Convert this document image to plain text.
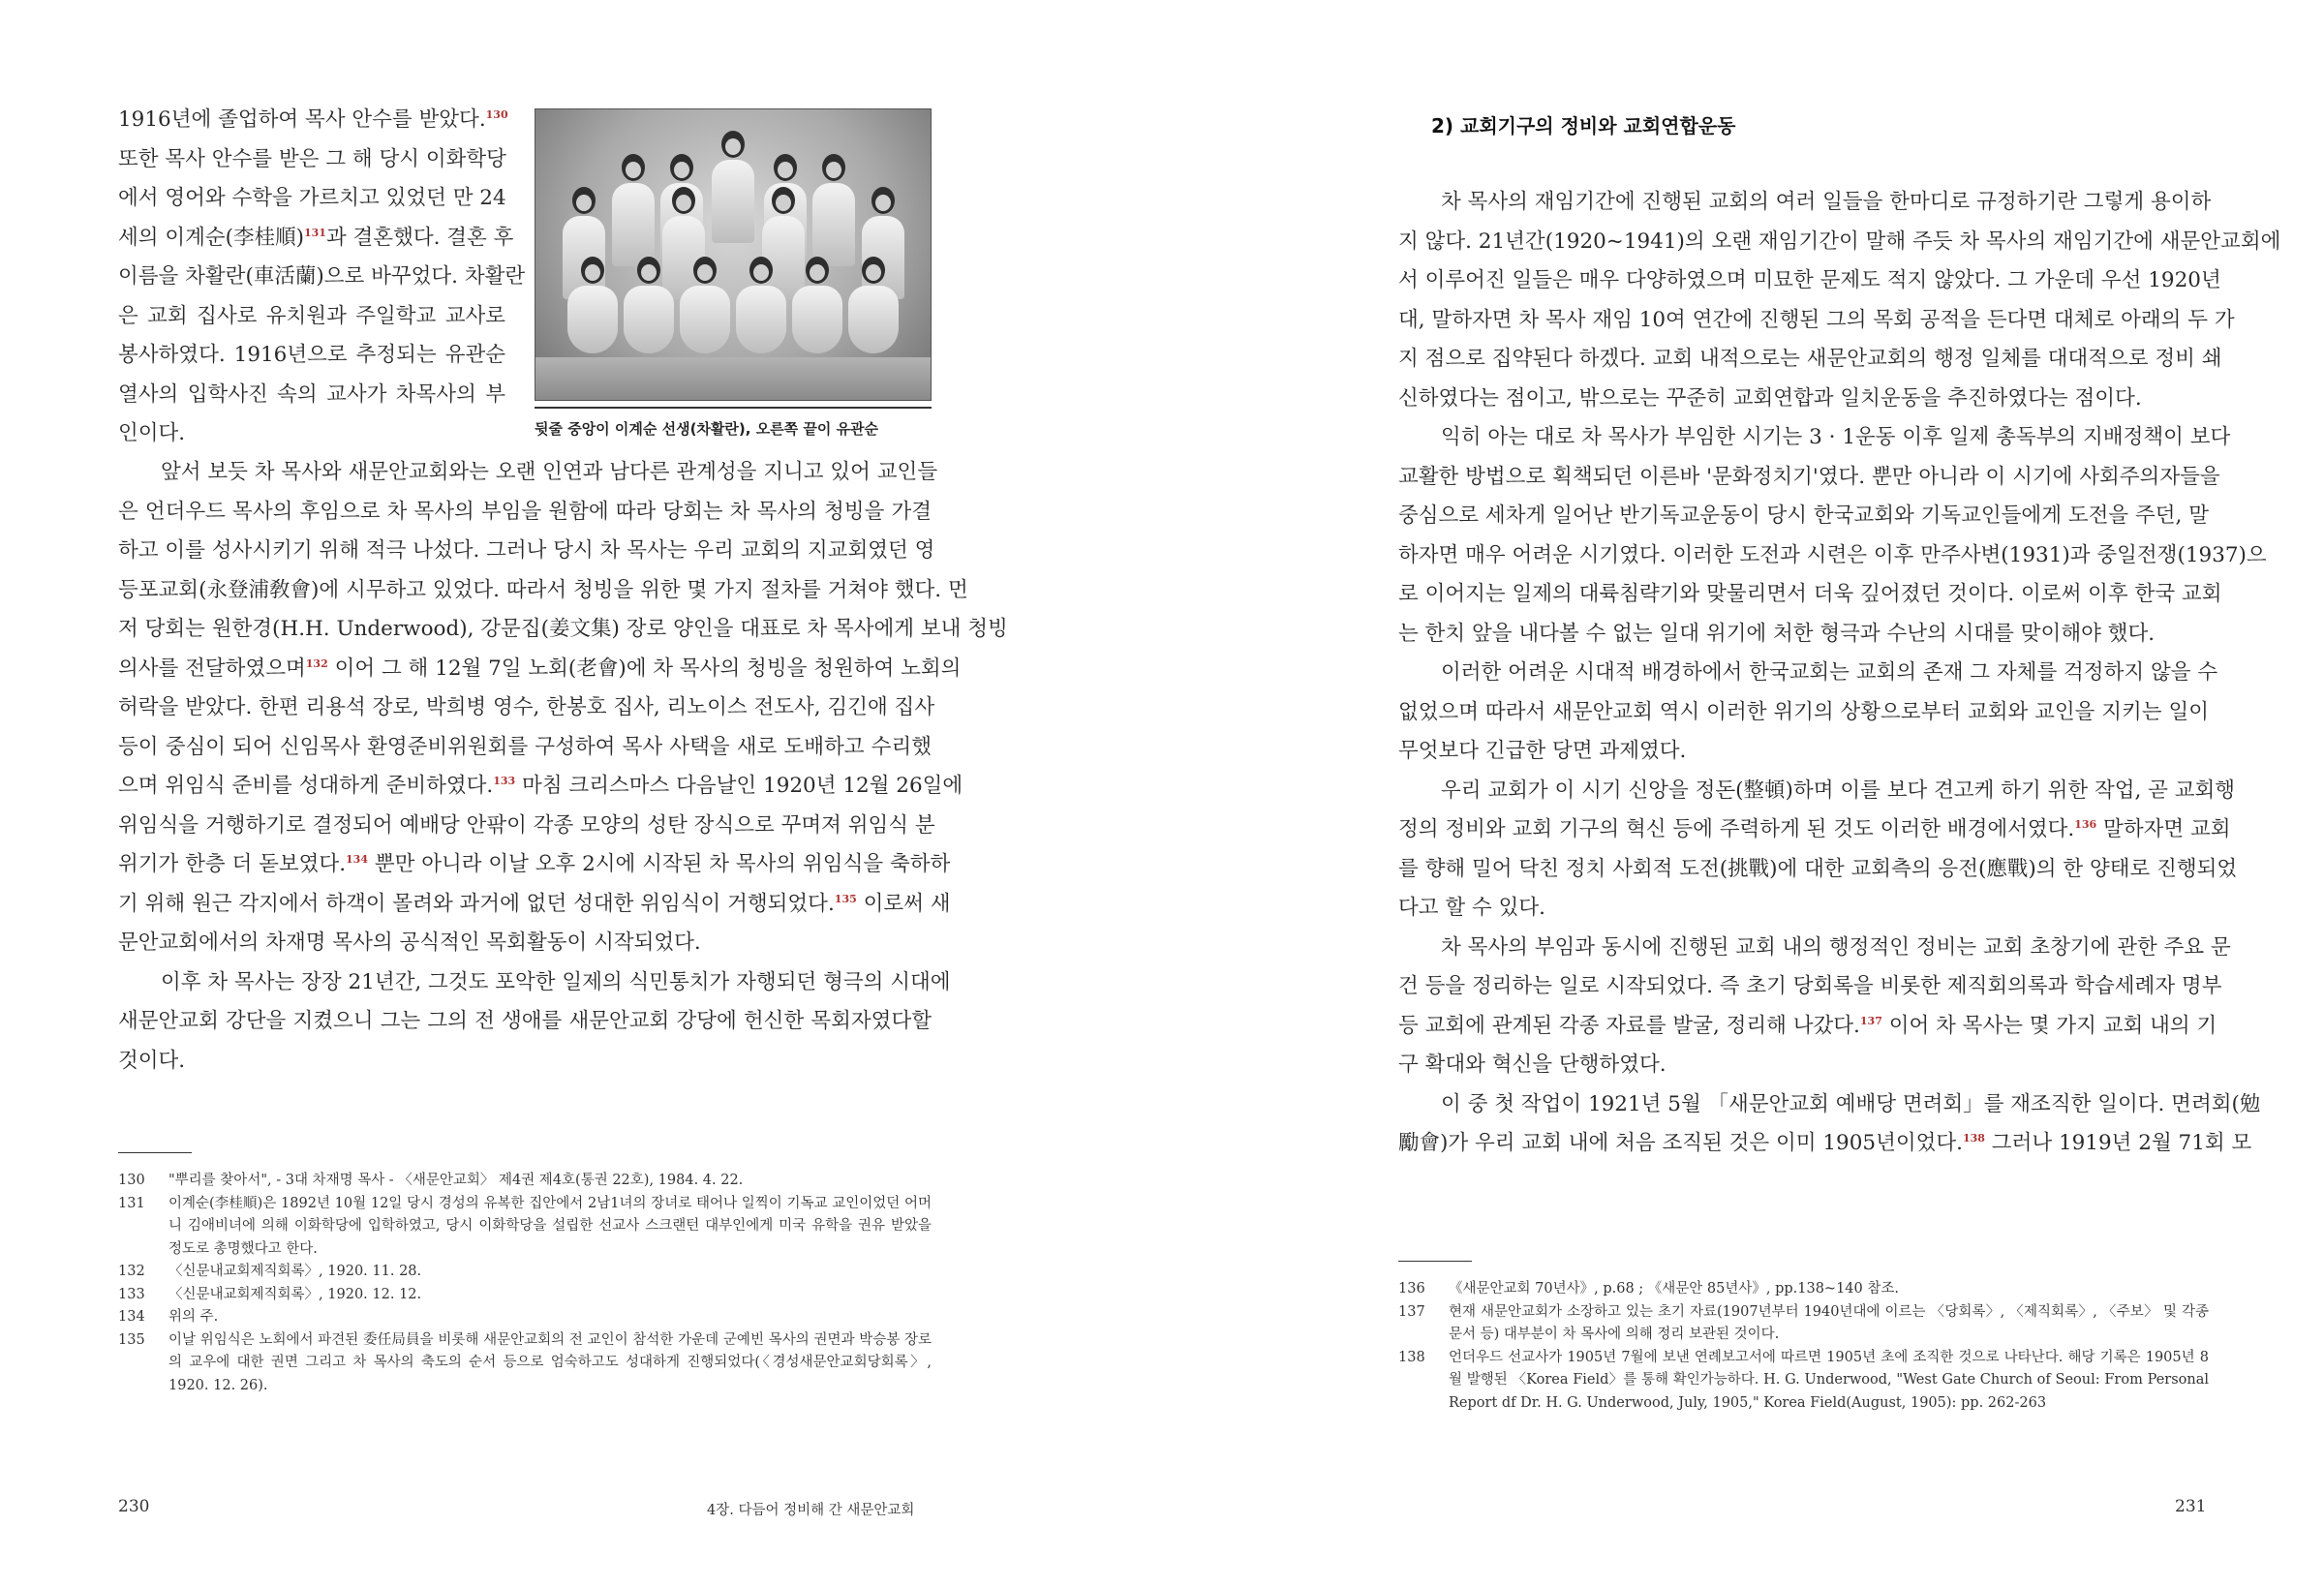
1916년에 졸업하여 목사 안수를 받았다.$^{130}$

또한 목사 안수를 받은 그 해 당시 이화학당

에서 영어와 수학을 가르치고 있었던 만 24

세의 이계순(李桂順)$^{131}$과 결혼했다. 결혼 후

이름을 차활란(車活蘭)으로 바꾸었다. 차활란

은 교회 집사로 유치원과 주일학교 교사로

봉사하였다. 1916년으로 추정되는 유관순

열사의 입학사진 속의 교사가 차목사의 부

인이다.	뒷줄 중앙이 이계순 선생(차활란), 오른쪽 끝이 유관순

앞서 보듯 차 목사와 새문안교회와는 오랜 인연과 남다른 관계성을 지니고 있어 교인들

은 언더우드 목사의 후임으로 차 목사의 부임을 원함에 따라 당회는 차 목사의 청빙을 가결

하고 이를 성사시키기 위해 적극 나섰다. 그러나 당시 차 목사는 우리 교회의 지교회였던 영

등포교회(永登浦敎會)에 시무하고 있었다. 따라서 청빙을 위한 몇 가지 절차를 거쳐야 했다. 먼

저 당회는 원한경(H.H. Underwood), 강문집(姜文集) 장로 양인을 대표로 차 목사에게 보내 청빙

의사를 전달하였으며$^{132}$ 이어 그 해 12월 7일 노회(老會)에 차 목사의 청빙을 청원하여 노회의

허락을 받았다. 한편 리용석 장로, 박희병 영수, 한봉호 집사, 리노이스 전도사, 김긴애 집사

등이 중심이 되어 신임목사 환영준비위원회를 구성하여 목사 사택을 새로 도배하고 수리했

으며 위임식 준비를 성대하게 준비하였다.$^{133}$ 마침 크리스마스 다음날인 1920년 12월 26일에

위임식을 거행하기로 결정되어 예배당 안팎이 각종 모양의 성탄 장식으로 꾸며져 위임식 분

위기가 한층 더 돋보였다.$^{134}$ 뿐만 아니라 이날 오후 2시에 시작된 차 목사의 위임식을 축하하

기 위해 원근 각지에서 하객이 몰려와 과거에 없던 성대한 위임식이 거행되었다.$^{135}$ 이로써 새

문안교회에서의 차재명 목사의 공식적인 목회활동이 시작되었다.

이후 차 목사는 장장 21년간, 그것도 포악한 일제의 식민통치가 자행되던 형극의 시대에

새문안교회 강단을 지켰으니 그는 그의 전 생애를 새문안교회 강당에 헌신한 목회자였다할

것이다.

130	"뿌리를 찾아서", - 3대 차재명 목사 - 〈새문안교회〉 제4권 제4호(통권 22호), 1984. 4. 22.
131	이계순(李桂順)은 1892년 10월 12일 당시 경성의 유복한 집안에서 2남1녀의 장녀로 태어나 일찍이 기독교 교인이었던 어머니 김애비녀에 의해 이화학당에 입학하였고, 당시 이화학당을 설립한 선교사 스크랜턴 대부인에게 미국 유학을 권유 받았을 정도로 총명했다고 한다.
132	〈신문내교회제직회록〉, 1920. 11. 28.
133	〈신문내교회제직회록〉, 1920. 12. 12.
134	위의 주.
135	이날 위임식은 노회에서 파견된 委任局員을 비롯해 새문안교회의 전 교인이 참석한 가운데 군예빈 목사의 권면과 박승봉 장로의 교우에 대한 권면 그리고 차 목사의 축도의 순서 등으로 엄숙하고도 성대하게 진행되었다(〈경성새문안교회당회록〉, 1920. 12. 26).
230	4장. 다듬어 정비해 간 새문안교회
2) 교회기구의 정비와 교회연합운동

차 목사의 재임기간에 진행된 교회의 여러 일들을 한마디로 규정하기란 그렇게 용이하

지 않다. 21년간(1920~1941)의 오랜 재임기간이 말해 주듯 차 목사의 재임기간에 새문안교회에

서 이루어진 일들은 매우 다양하였으며 미묘한 문제도 적지 않았다. 그 가운데 우선 1920년

대, 말하자면 차 목사 재임 10여 연간에 진행된 그의 목회 공적을 든다면 대체로 아래의 두 가

지 점으로 집약된다 하겠다. 교회 내적으로는 새문안교회의 행정 일체를 대대적으로 정비 쇄

신하였다는 점이고, 밖으로는 꾸준히 교회연합과 일치운동을 추진하였다는 점이다.

익히 아는 대로 차 목사가 부임한 시기는 3 · 1운동 이후 일제 총독부의 지배정책이 보다

교활한 방법으로 획책되던 이른바 '문화정치기'였다. 뿐만 아니라 이 시기에 사회주의자들을

중심으로 세차게 일어난 반기독교운동이 당시 한국교회와 기독교인들에게 도전을 주던, 말

하자면 매우 어려운 시기였다. 이러한 도전과 시련은 이후 만주사변(1931)과 중일전쟁(1937)으

로 이어지는 일제의 대륙침략기와 맞물리면서 더욱 깊어졌던 것이다. 이로써 이후 한국 교회

는 한치 앞을 내다볼 수 없는 일대 위기에 처한 형극과 수난의 시대를 맞이해야 했다.

이러한 어려운 시대적 배경하에서 한국교회는 교회의 존재 그 자체를 걱정하지 않을 수

없었으며 따라서 새문안교회 역시 이러한 위기의 상황으로부터 교회와 교인을 지키는 일이

무엇보다 긴급한 당면 과제였다.

우리 교회가 이 시기 신앙을 정돈(整頓)하며 이를 보다 견고케 하기 위한 작업, 곧 교회행

정의 정비와 교회 기구의 혁신 등에 주력하게 된 것도 이러한 배경에서였다.$^{136}$ 말하자면 교회

를 향해 밀어 닥친 정치 사회적 도전(挑戰)에 대한 교회측의 응전(應戰)의 한 양태로 진행되었

다고 할 수 있다.

차 목사의 부임과 동시에 진행된 교회 내의 행정적인 정비는 교회 초창기에 관한 주요 문

건 등을 정리하는 일로 시작되었다. 즉 초기 당회록을 비롯한 제직회의록과 학습세례자 명부

등 교회에 관계된 각종 자료를 발굴, 정리해 나갔다.$^{137}$ 이어 차 목사는 몇 가지 교회 내의 기

구 확대와 혁신을 단행하였다.

이 중 첫 작업이 1921년 5월 「새문안교회 예배당 면려회」를 재조직한 일이다. 면려회(勉

勵會)가 우리 교회 내에 처음 조직된 것은 이미 1905년이었다.$^{138}$ 그러나 1919년 2월 71회 모

136	《새문안교회 70년사》, p.68 ; 《새문안 85년사》, pp.138~140 참조.
137	현재 새문안교회가 소장하고 있는 초기 자료(1907년부터 1940년대에 이르는 〈당회록〉, 〈제직회록〉, 〈주보〉 및 각종 문서 등) 대부분이 차 목사에 의해 정리 보관된 것이다.
138	언더우드 선교사가 1905년 7월에 보낸 연례보고서에 따르면 1905년 초에 조직한 것으로 나타난다. 해당 기록은 1905년 8월 발행된 〈Korea Field〉를 통해 확인가능하다. H. G. Underwood, "West Gate Church of Seoul: From Personal Report df Dr. H. G. Underwood, July, 1905," Korea Field(August, 1905): pp. 262-263
231
